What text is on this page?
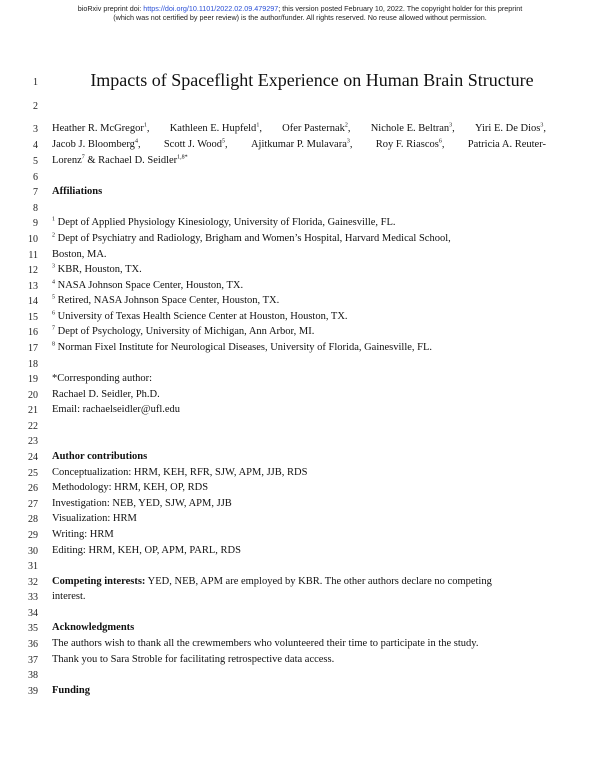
bioRxiv preprint doi: https://doi.org/10.1101/2022.02.09.479297; this version posted February 10, 2022. The copyright holder for this preprint
(which was not certified by peer review) is the author/funder. All rights reserved. No reuse allowed without permission.
1
2
3
4
5
6
7
8
9
10
11
12
13
14
15
16
17
18
19
20
21
22
23
24
25
26
27
28
29
30
31
32
33
34
35
36
37
38
39
Impacts of Spaceflight Experience on Human Brain Structure
Heather R. McGregor$^1$, Kathleen E. Hupfeld$^1$, Ofer Pasternak$^2$, Nichole E. Beltran$^3$, Yiri E. De Dios$^3$,
Jacob J. Bloomberg$^4$, Scott J. Wood$^5$, Ajitkumar P. Mulavara$^3$, Roy F. Riascos$^6$, Patricia A. Reuter-
Lorenz$^7$ & Rachael D. Seidler$^{1,8*}$
Affiliations
$^1$ Dept of Applied Physiology Kinesiology, University of Florida, Gainesville, FL.
$^2$ Dept of Psychiatry and Radiology, Brigham and Women’s Hospital, Harvard Medical School,
Boston, MA.
$^3$ KBR, Houston, TX.
$^4$ NASA Johnson Space Center, Houston, TX.
$^5$ Retired, NASA Johnson Space Center, Houston, TX.
$^6$ University of Texas Health Science Center at Houston, Houston, TX.
$^7$ Dept of Psychology, University of Michigan, Ann Arbor, MI.
$^8$ Norman Fixel Institute for Neurological Diseases, University of Florida, Gainesville, FL.
*Corresponding author:
Rachael D. Seidler, Ph.D.
Email: rachaelseidler@ufl.edu
Author contributions
Conceptualization: HRM, KEH, RFR, SJW, APM, JJB, RDS
Methodology: HRM, KEH, OP, RDS
Investigation: NEB, YED, SJW, APM, JJB
Visualization: HRM
Writing: HRM
Editing: HRM, KEH, OP, APM, PARL, RDS
Competing interests: YED, NEB, APM are employed by KBR. The other authors declare no competing
interest.
Acknowledgments
The authors wish to thank all the crewmembers who volunteered their time to participate in the study.
Thank you to Sara Stroble for facilitating retrospective data access.
Funding
